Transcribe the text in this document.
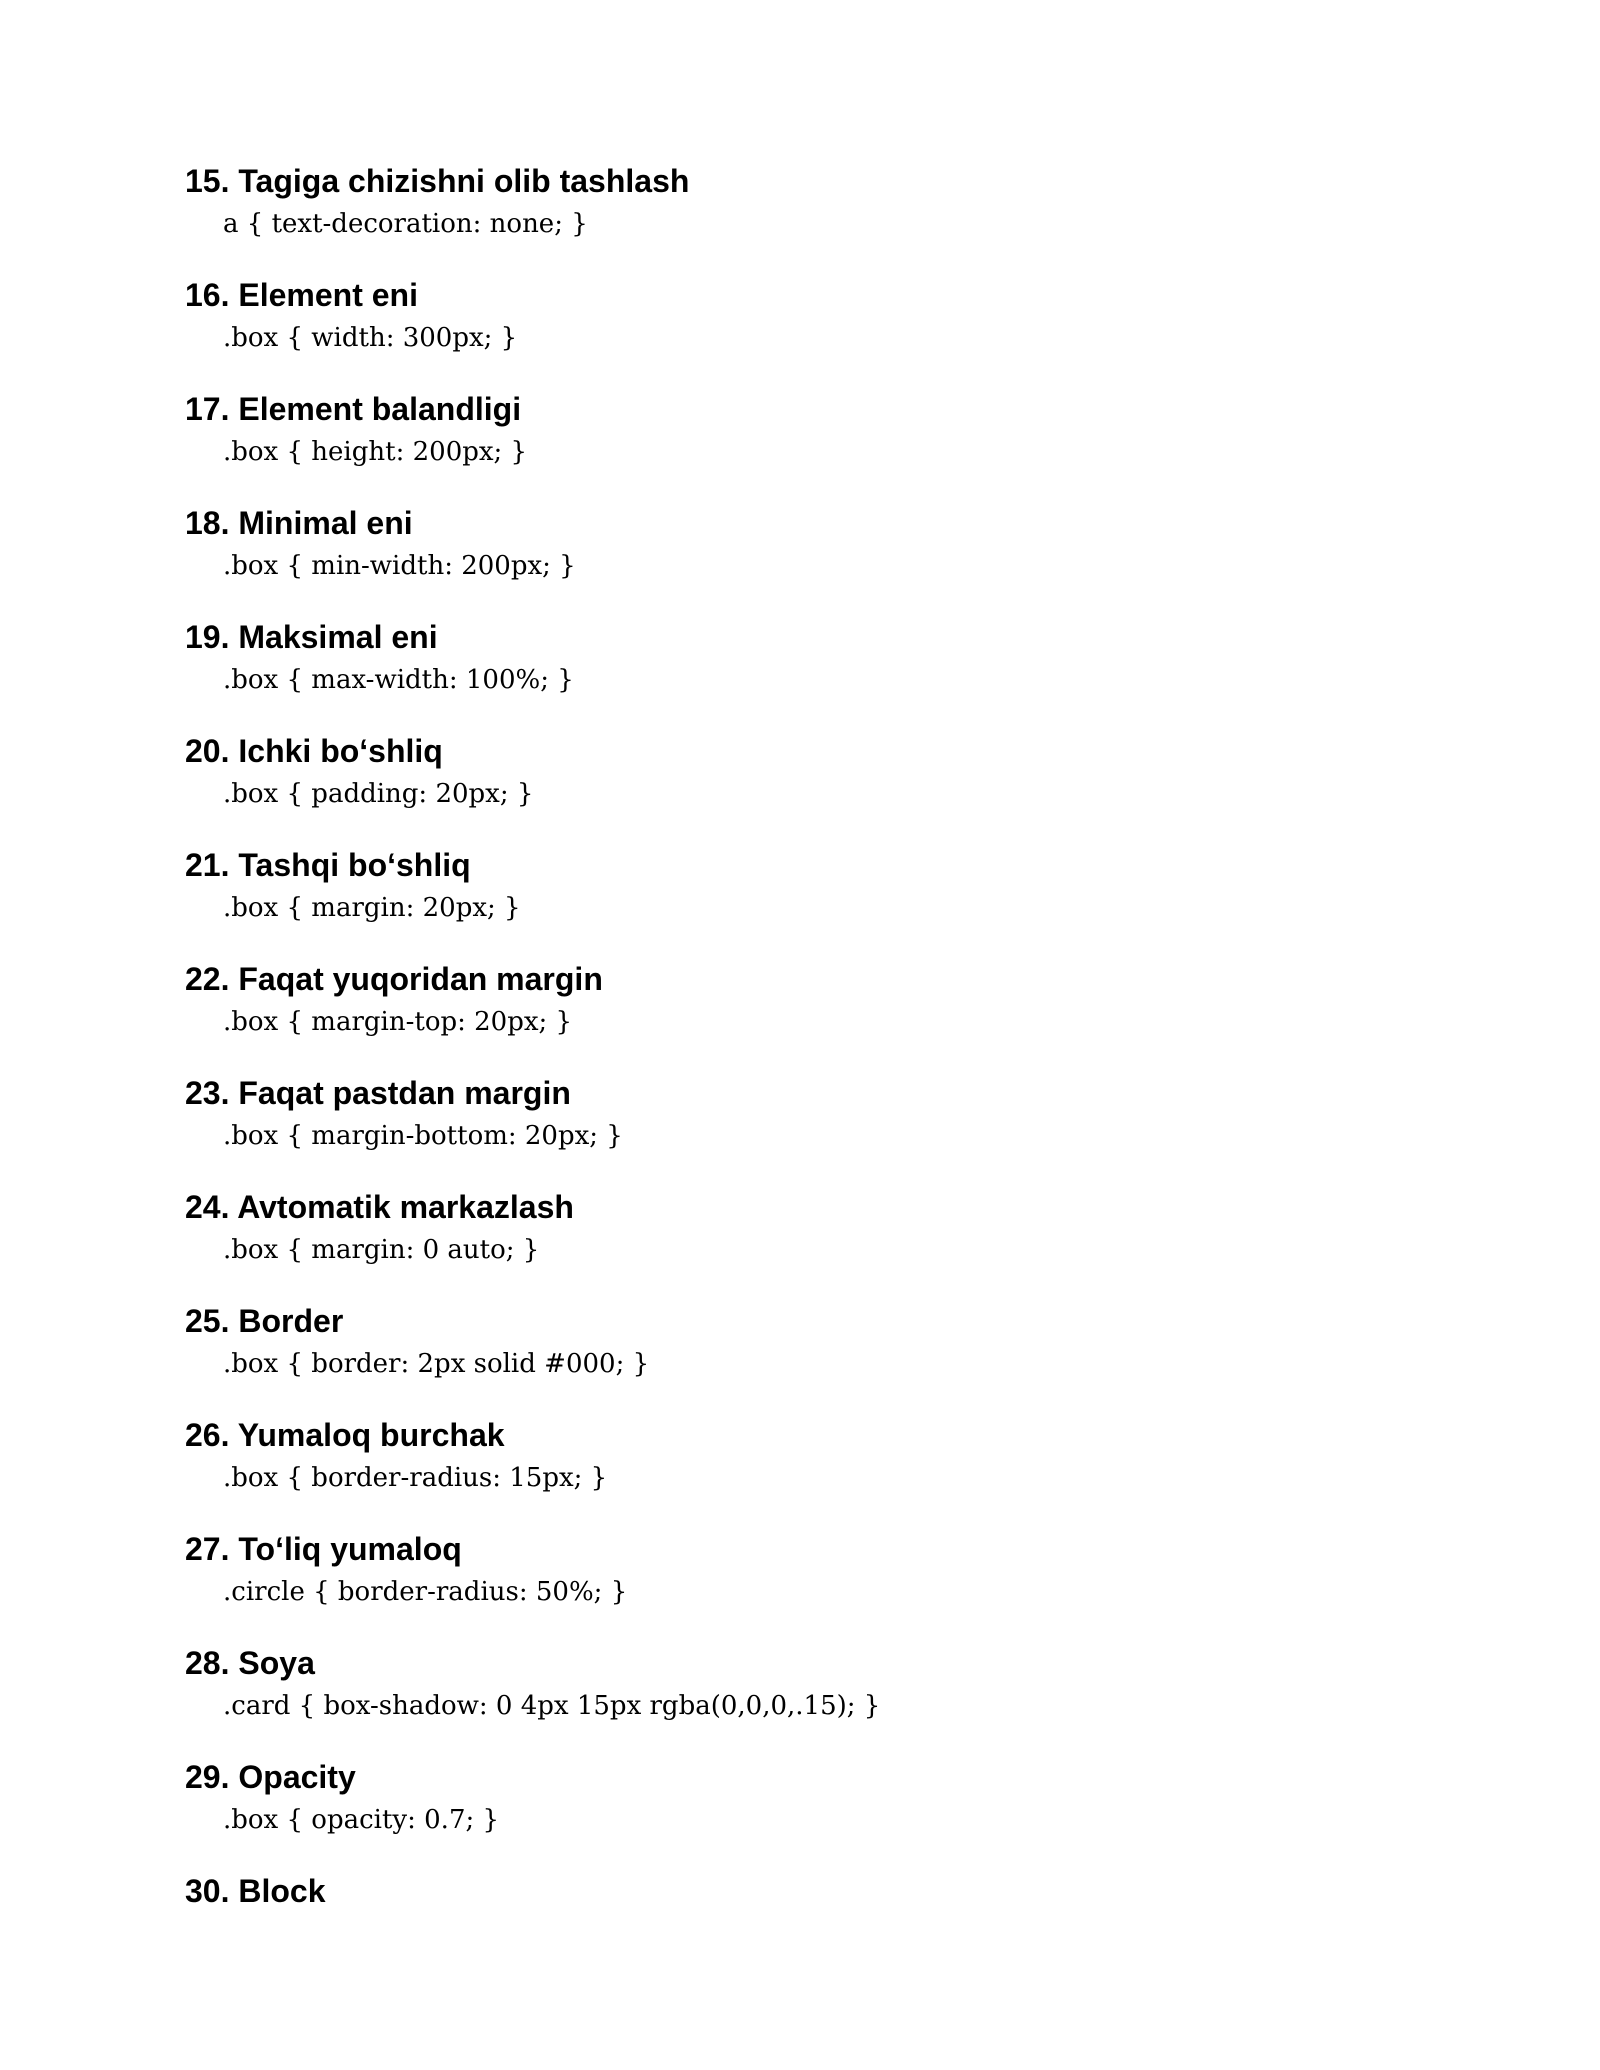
15. Tagiga chizishni olib tashlash
a { text-decoration: none; }
16. Element eni
.box { width: 300px; }
17. Element balandligi
.box { height: 200px; }
18. Minimal eni
.box { min-width: 200px; }
19. Maksimal eni
.box { max-width: 100%; }
20. Ichki bo‘shliq
.box { padding: 20px; }
21. Tashqi bo‘shliq
.box { margin: 20px; }
22. Faqat yuqoridan margin
.box { margin-top: 20px; }
23. Faqat pastdan margin
.box { margin-bottom: 20px; }
24. Avtomatik markazlash
.box { margin: 0 auto; }
25. Border
.box { border: 2px solid #000; }
26. Yumaloq burchak
.box { border-radius: 15px; }
27. To‘liq yumaloq
.circle { border-radius: 50%; }
28. Soya
.card { box-shadow: 0 4px 15px rgba(0,0,0,.15); }
29. Opacity
.box { opacity: 0.7; }
30. Block
